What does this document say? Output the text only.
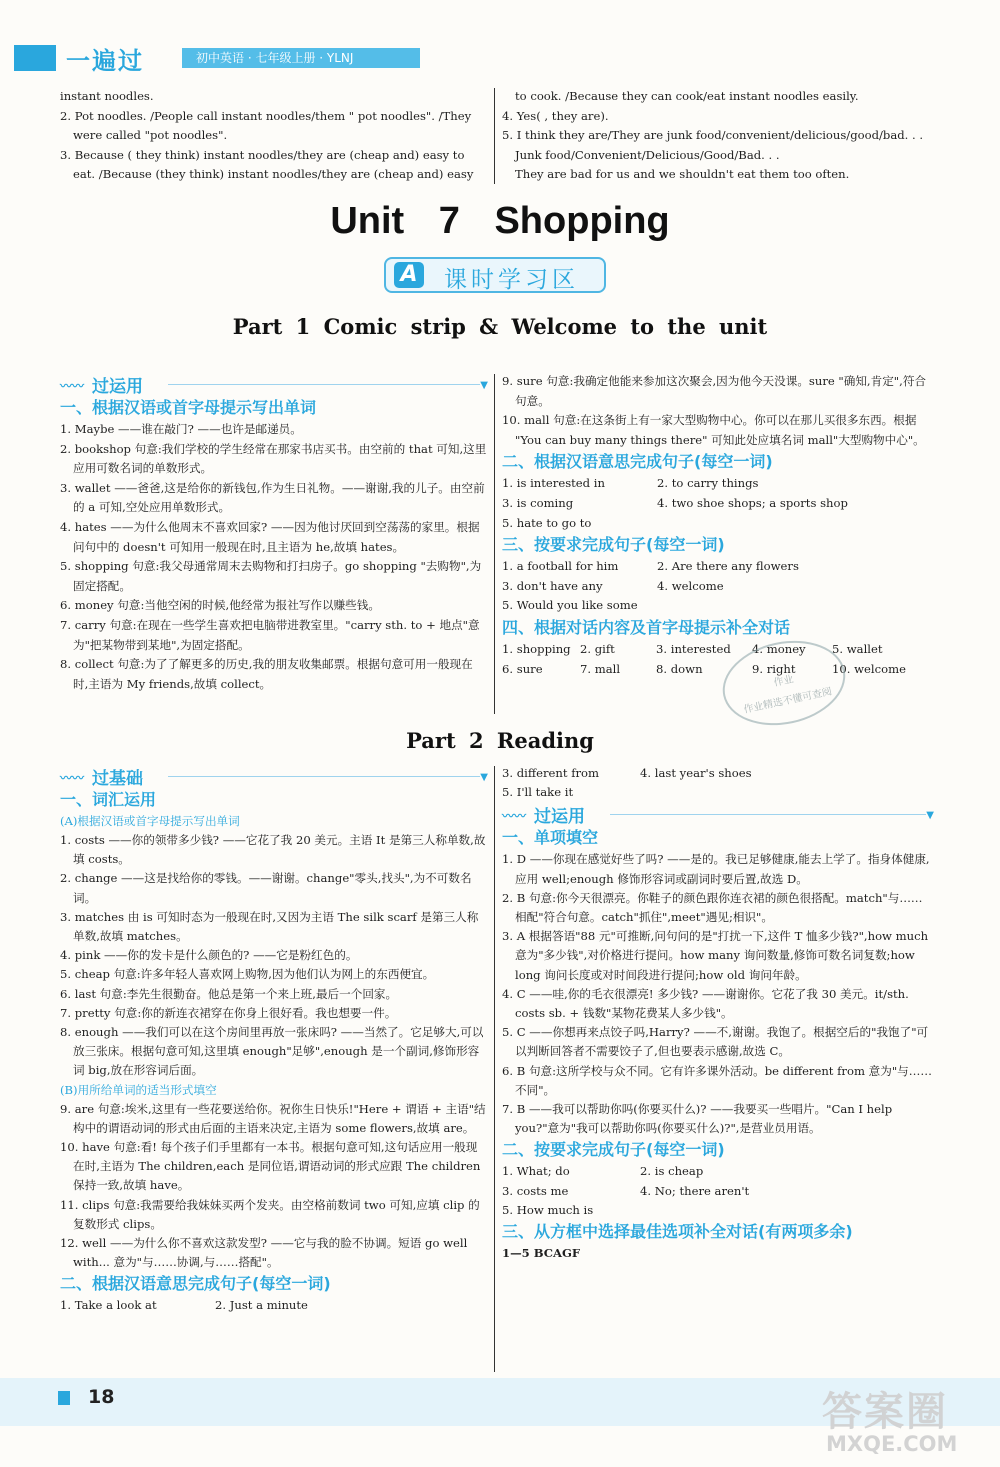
一遍过	初中英语 · 七年级上册 · YLNJ

instant noodles.

2. Pot noodles. /People call instant noodles/them " pot noodles". /They were called "pot noodles".

3. Because ( they think) instant noodles/they are (cheap and) easy to eat. /Because (they think) instant noodles/they are (cheap and) easy

to cook. /Because they can cook/eat instant noodles easily.

4. Yes( , they are).

5. I think they are/They are junk food/convenient/delicious/good/bad. . .

Junk food/Convenient/Delicious/Good/Bad. . .

They are bad for us and we shouldn't eat them too often.

Unit 7 Shopping
A 课时学习区
Part 1 Comic strip & Welcome to the unit
〰〰 过运用	▼
一、根据汉语或首字母提示写出单词

1. Maybe ——谁在敲门? ——也许是邮递员。

2. bookshop 句意:我们学校的学生经常在那家书店买书。由空前的 that 可知,这里应用可数名词的单数形式。

3. wallet ——爸爸,这是给你的新钱包,作为生日礼物。——谢谢,我的儿子。由空前的 a 可知,空处应用单数形式。

4. hates ——为什么他周末不喜欢回家? ——因为他讨厌回到空荡荡的家里。根据问句中的 doesn't 可知用一般现在时,且主语为 he,故填 hates。

5. shopping 句意:我父母通常周末去购物和打扫房子。go shopping "去购物",为固定搭配。

6. money 句意:当他空闲的时候,他经常为报社写作以赚些钱。

7. carry 句意:在现在一些学生喜欢把电脑带进教室里。"carry sth. to + 地点"意为"把某物带到某地",为固定搭配。

8. collect 句意:为了了解更多的历史,我的朋友收集邮票。根据句意可用一般现在时,主语为 My friends,故填 collect。

9. sure 句意:我确定他能来参加这次聚会,因为他今天没课。sure "确知,肯定",符合句意。

10. mall 句意:在这条街上有一家大型购物中心。你可以在那儿买很多东西。根据 "You can buy many things there" 可知此处应填名词 mall"大型购物中心"。

二、根据汉语意思完成句子(每空一词)
1. is interested in	2. to carry things
3. is coming	4. two shoe shops; a sports shop
5. hate to go to
三、按要求完成句子(每空一词)
1. a football for him	2. Are there any flowers
3. don't have any	4. welcome
5. Would you like some
四、根据对话内容及首字母提示补全对话
1. shopping 2. gift	3. interested	4. money	5. wallet
6. sure	7. mall	8. down	9. right	10. welcome
作业
作业精选不懂可查阅
Part 2 Reading
〰〰 过基础	▼
一、词汇运用
(A)根据汉语或首字母提示写出单词

1. costs ——你的领带多少钱? ——它花了我 20 美元。主语 It 是第三人称单数,故填 costs。

2. change ——这是找给你的零钱。——谢谢。change"零头,找头",为不可数名词。

3. matches 由 is 可知时态为一般现在时,又因为主语 The silk scarf 是第三人称单数,故填 matches。

4. pink ——你的发卡是什么颜色的? ——它是粉红色的。

5. cheap 句意:许多年轻人喜欢网上购物,因为他们认为网上的东西便宜。

6. last 句意:李先生很勤奋。他总是第一个来上班,最后一个回家。

7. pretty 句意:你的新连衣裙穿在你身上很好看。我也想要一件。

8. enough ——我们可以在这个房间里再放一张床吗? ——当然了。它足够大,可以放三张床。根据句意可知,这里填 enough"足够",enough 是一个副词,修饰形容词 big,放在形容词后面。

(B)用所给单词的适当形式填空

9. are 句意:埃米,这里有一些花要送给你。祝你生日快乐!"Here + 谓语 + 主语"结构中的谓语动词的形式由后面的主语来决定,主语为 some flowers,故填 are。

10. have 句意:看! 每个孩子们手里都有一本书。根据句意可知,这句话应用一般现在时,主语为 The children,each 是同位语,谓语动词的形式应跟 The children 保持一致,故填 have。

11. clips 句意:我需要给我妹妹买两个发夹。由空格前数词 two 可知,应填 clip 的复数形式 clips。

12. well ——为什么你不喜欢这款发型? ——它与我的脸不协调。短语 go well with... 意为"与……协调,与……搭配"。

二、根据汉语意思完成句子(每空一词)
1. Take a look at	2. Just a minute
3. different from	4. last year's shoes
5. I'll take it
〰〰 过运用	▼
一、单项填空

1. D ——你现在感觉好些了吗? ——是的。我已足够健康,能去上学了。指身体健康,应用 well;enough 修饰形容词或副词时要后置,故选 D。

2. B 句意:你今天很漂亮。你鞋子的颜色跟你连衣裙的颜色很搭配。match"与……相配"符合句意。catch"抓住",meet"遇见;相识"。

3. A 根据答语"88 元"可推断,问句问的是"打扰一下,这件 T 恤多少钱?",how much 意为"多少钱",对价格进行提问。how many 询问数量,修饰可数名词复数;how long 询问长度或对时间段进行提问;how old 询问年龄。

4. C ——哇,你的毛衣很漂亮! 多少钱? ——谢谢你。它花了我 30 美元。it/sth. costs sb. + 钱数"某物花费某人多少钱"。

5. C ——你想再来点饺子吗,Harry? ——不,谢谢。我饱了。根据空后的"我饱了"可以判断回答者不需要饺子了,但也要表示感谢,故选 C。

6. B 句意:这所学校与众不同。它有许多课外活动。be different from 意为"与……不同"。

7. B ——我可以帮助你吗(你要买什么)? ——我要买一些唱片。"Can I help you?"意为"我可以帮助你吗(你要买什么)?",是营业员用语。

二、按要求完成句子(每空一词)
1. What; do	2. is cheap
3. costs me	4. No; there aren't
5. How much is
三、从方框中选择最佳选项补全对话(有两项多余)

1—5 BCAGF

18	答案圈
MXQE.COM
